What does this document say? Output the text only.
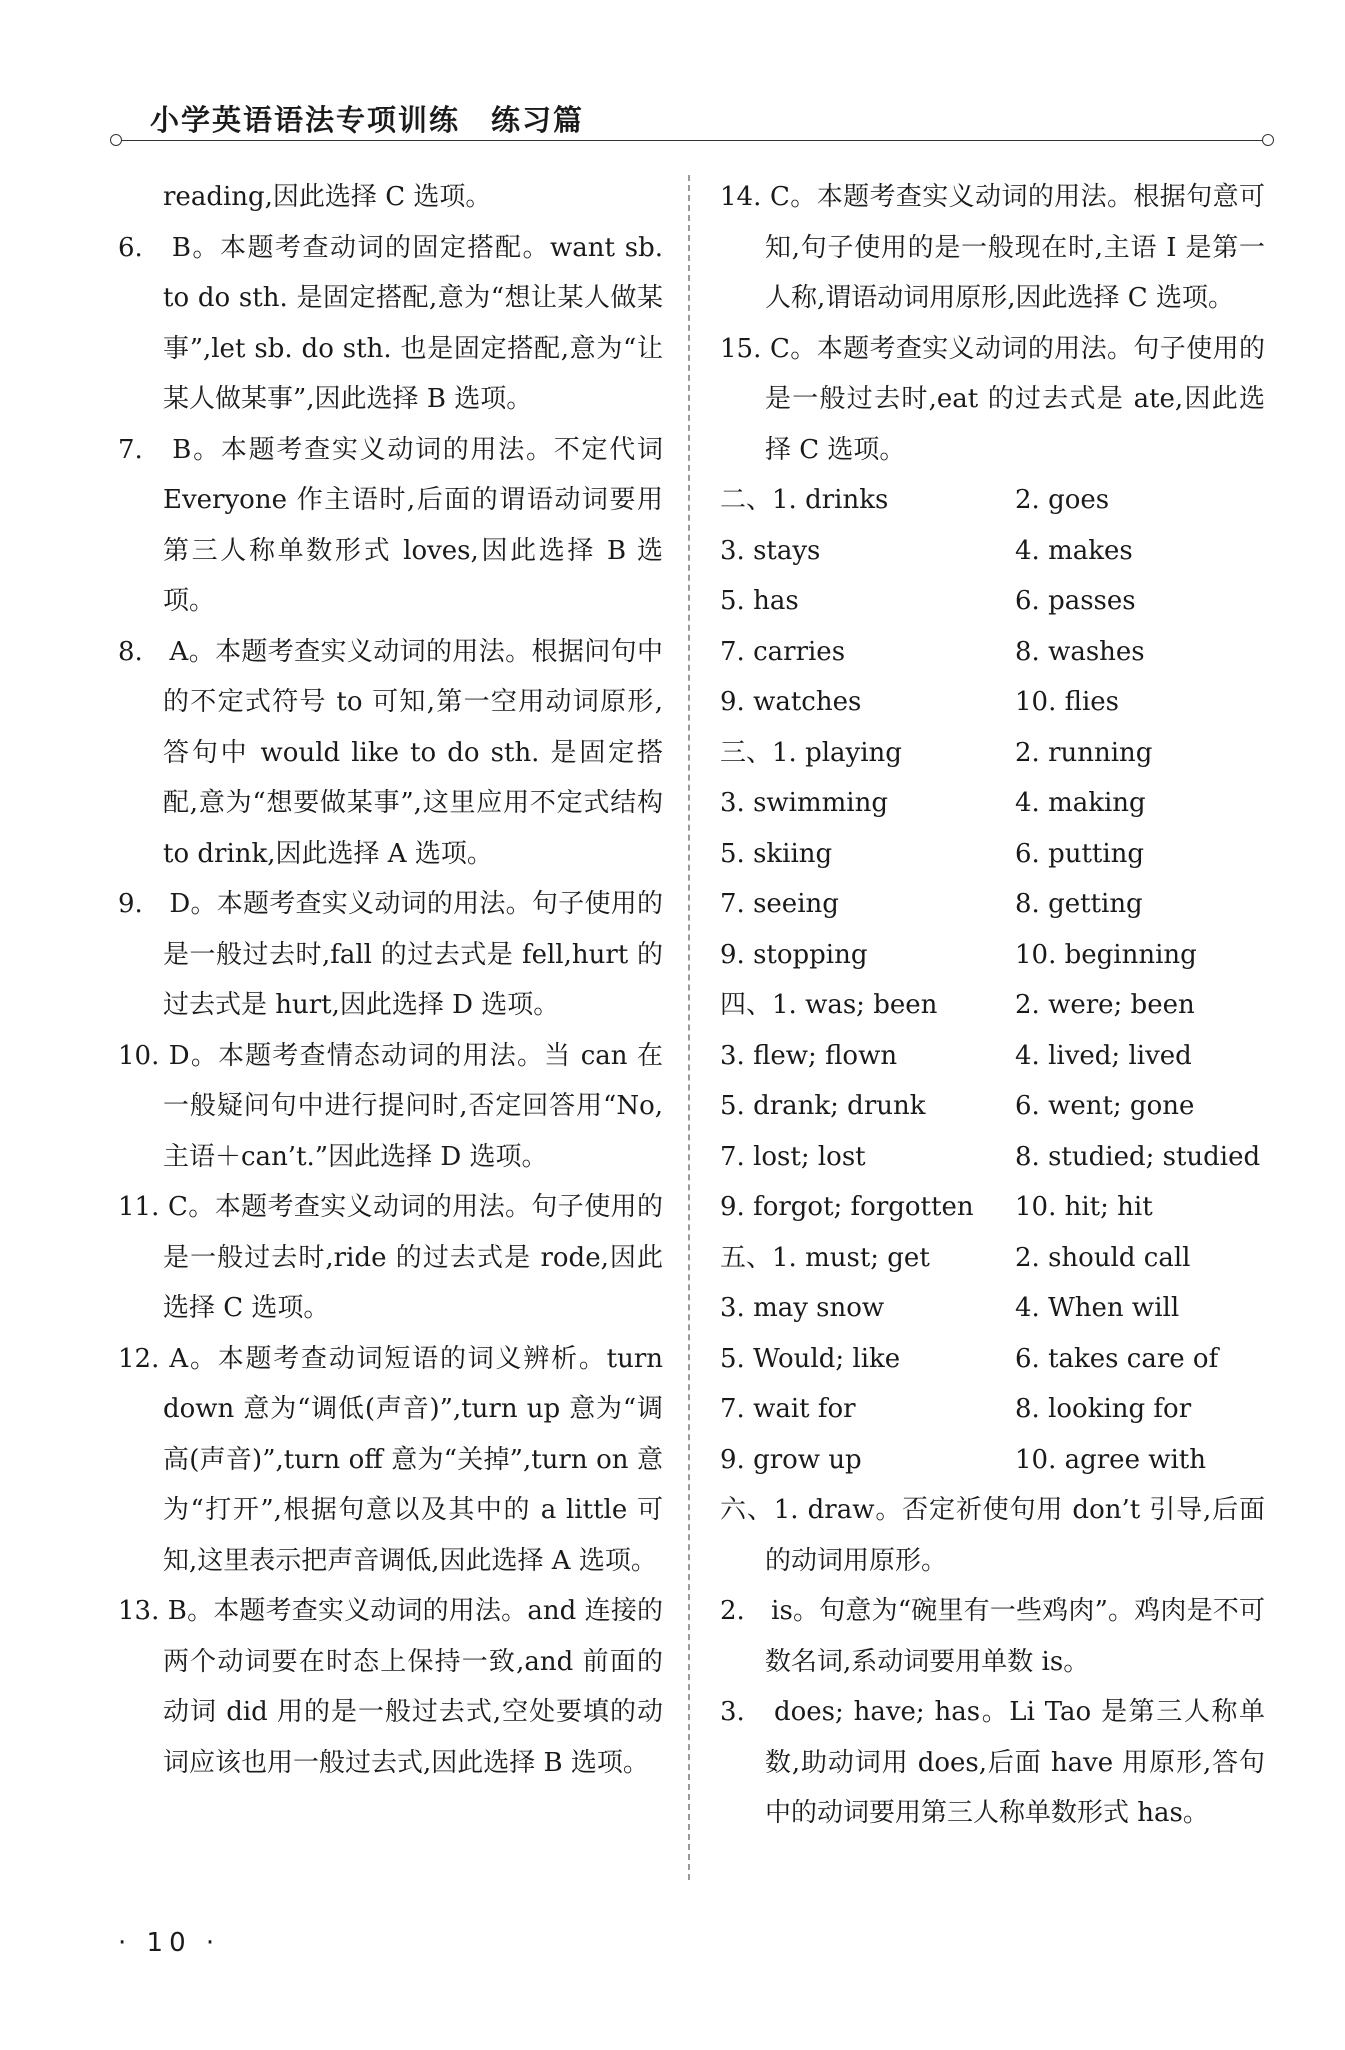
小学英语语法专项训练　练习篇

reading,因此选择 C 选项。

6.　B。本题考查动词的固定搭配。want sb. to do sth. 是固定搭配,意为“想让某人做某事”,let sb. do sth. 也是固定搭配,意为“让某人做某事”,因此选择 B 选项。

7.　B。本题考查实义动词的用法。不定代词 Everyone 作主语时,后面的谓语动词要用第三人称单数形式 loves,因此选择 B 选项。

8.　A。本题考查实义动词的用法。根据问句中的不定式符号 to 可知,第一空用动词原形,答句中 would like to do sth. 是固定搭配,意为“想要做某事”,这里应用不定式结构 to drink,因此选择 A 选项。

9.　D。本题考查实义动词的用法。句子使用的是一般过去时,fall 的过去式是 fell,hurt 的过去式是 hurt,因此选择 D 选项。

10. D。本题考查情态动词的用法。当 can 在一般疑问句中进行提问时,否定回答用“No, 主语＋can’t.”因此选择 D 选项。

11. C。本题考查实义动词的用法。句子使用的是一般过去时,ride 的过去式是 rode,因此选择 C 选项。

12. A。本题考查动词短语的词义辨析。turn down 意为“调低(声音)”,turn up 意为“调高(声音)”,turn off 意为“关掉”,turn on 意为“打开”,根据句意以及其中的 a little 可知,这里表示把声音调低,因此选择 A 选项。

13. B。本题考查实义动词的用法。and 连接的两个动词要在时态上保持一致,and 前面的动词 did 用的是一般过去式,空处要填的动词应该也用一般过去式,因此选择 B 选项。

14. C。本题考查实义动词的用法。根据句意可知,句子使用的是一般现在时,主语 I 是第一人称,谓语动词用原形,因此选择 C 选项。

15. C。本题考查实义动词的用法。句子使用的是一般过去时,eat 的过去式是 ate,因此选择 C 选项。

二、1. drinks	2. goes
3. stays	4. makes
5. has	6. passes
7. carries	8. washes
9. watches	10. flies
三、1. playing	2. running
3. swimming	4. making
5. skiing	6. putting
7. seeing	8. getting
9. stopping	10. beginning
四、1. was; been	2. were; been
3. flew; flown	4. lived; lived
5. drank; drunk	6. went; gone
7. lost; lost	8. studied; studied
9. forgot; forgotten	10. hit; hit
五、1. must; get	2. should call
3. may snow	4. When will
5. Would; like	6. takes care of
7. wait for	8. looking for
9. grow up	10. agree with

六、1. draw。否定祈使句用 don’t 引导,后面的动词用原形。

2.　is。句意为“碗里有一些鸡肉”。鸡肉是不可数名词,系动词要用单数 is。

3.　does; have; has。Li Tao 是第三人称单数,助动词用 does,后面 have 用原形,答句中的动词要用第三人称单数形式 has。

· 10 ·
